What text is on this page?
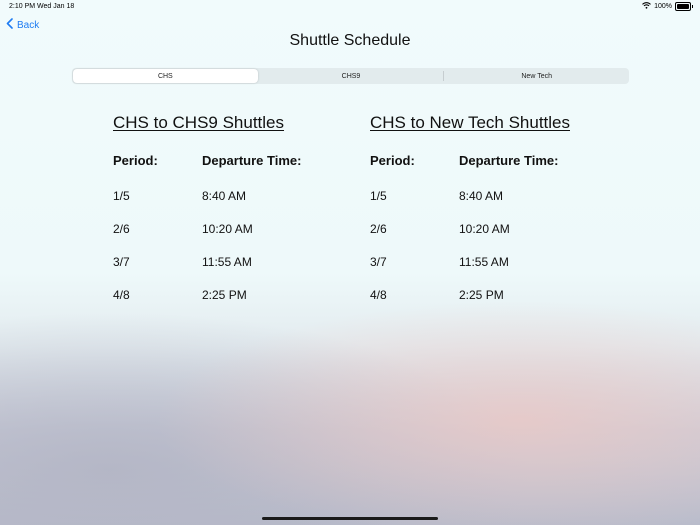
2:10 PM Wed Jan 18	100%
Back
Shuttle Schedule
CHS	CHS9	New Tech
CHS to CHS9 Shuttles
Period:	Departure Time:
1/5	8:40 AM
2/6	10:20 AM
3/7	11:55 AM
4/8	2:25 PM
CHS to New Tech Shuttles
Period:	Departure Time:
1/5	8:40 AM
2/6	10:20 AM
3/7	11:55 AM
4/8	2:25 PM
